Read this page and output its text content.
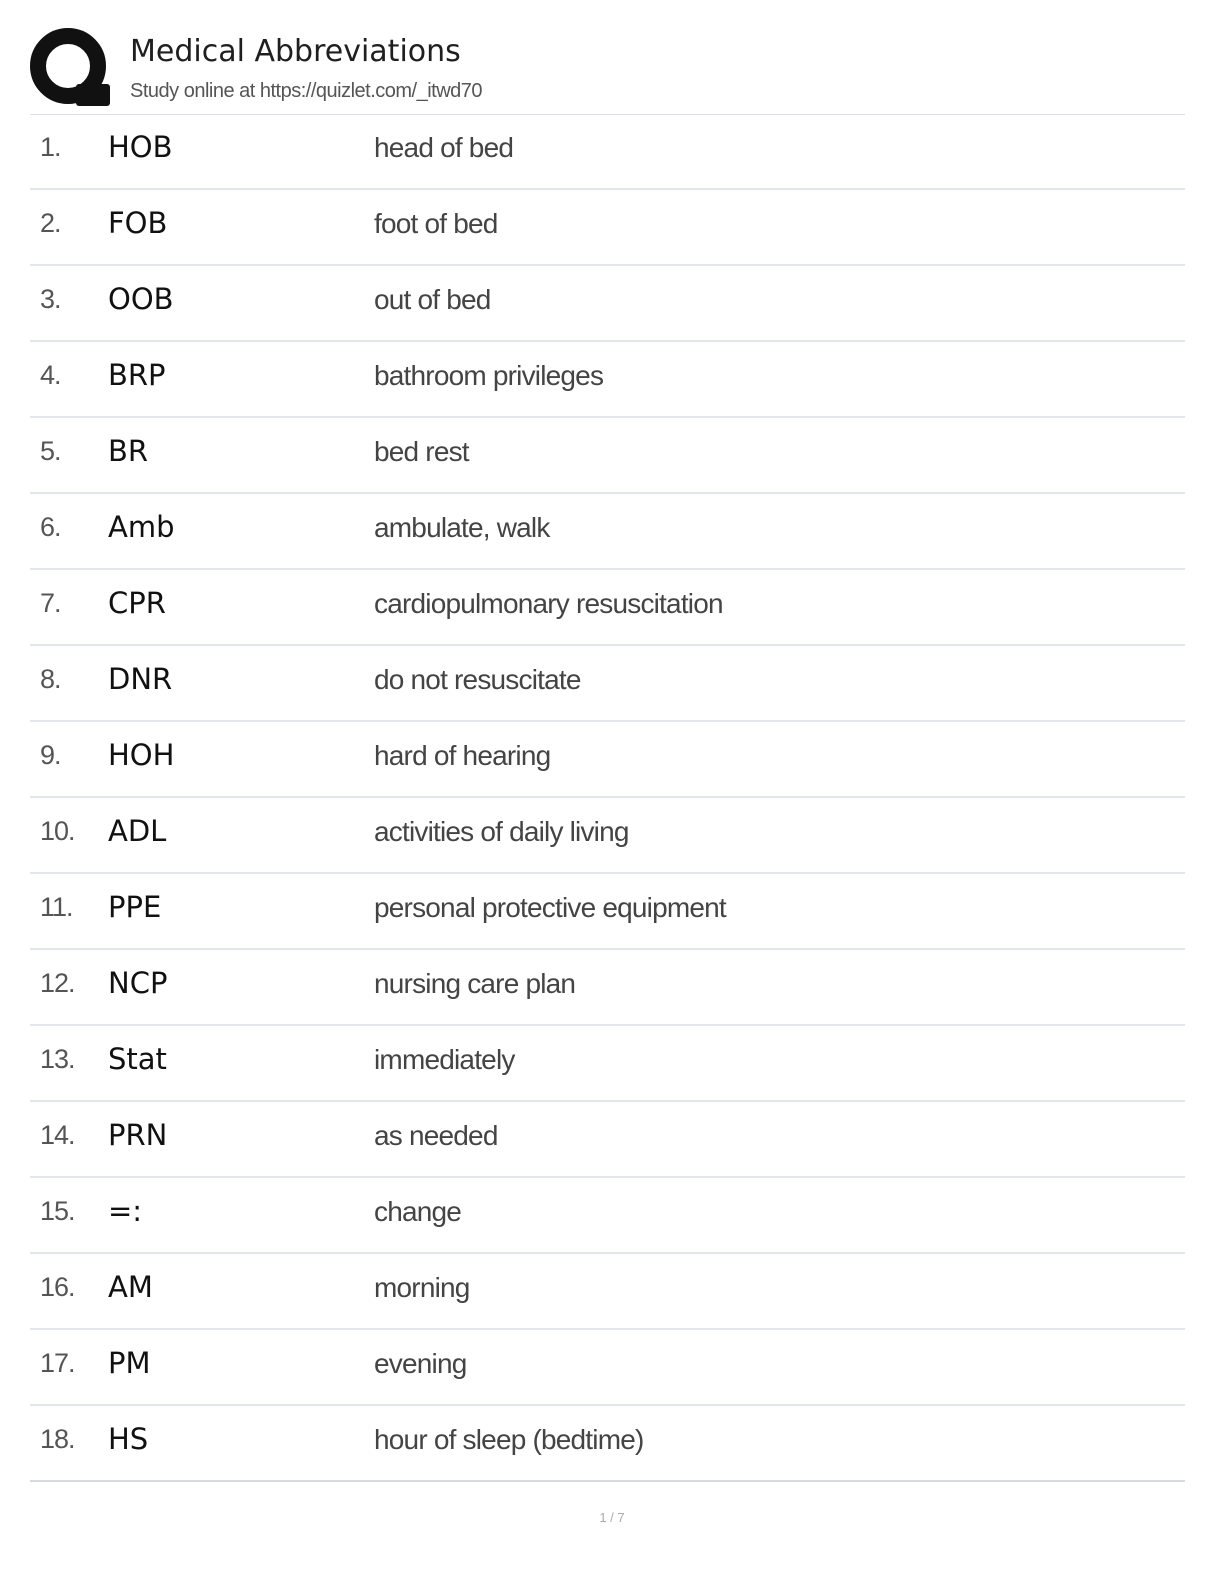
Medical Abbreviations
Study online at https://quizlet.com/_itwd70
1. HOB	head of bed
2. FOB	foot of bed
3. OOB	out of bed
4. BRP	bathroom privileges
5. BR	bed rest
6. Amb	ambulate, walk
7. CPR	cardiopulmonary resuscitation
8. DNR	do not resuscitate
9. HOH	hard of hearing
10. ADL	activities of daily living
11. PPE	personal protective equipment
12. NCP	nursing care plan
13. Stat	immediately
14. PRN	as needed
15. =:	change
16. AM	morning
17. PM	evening
18. HS	hour of sleep (bedtime)
1 / 7
